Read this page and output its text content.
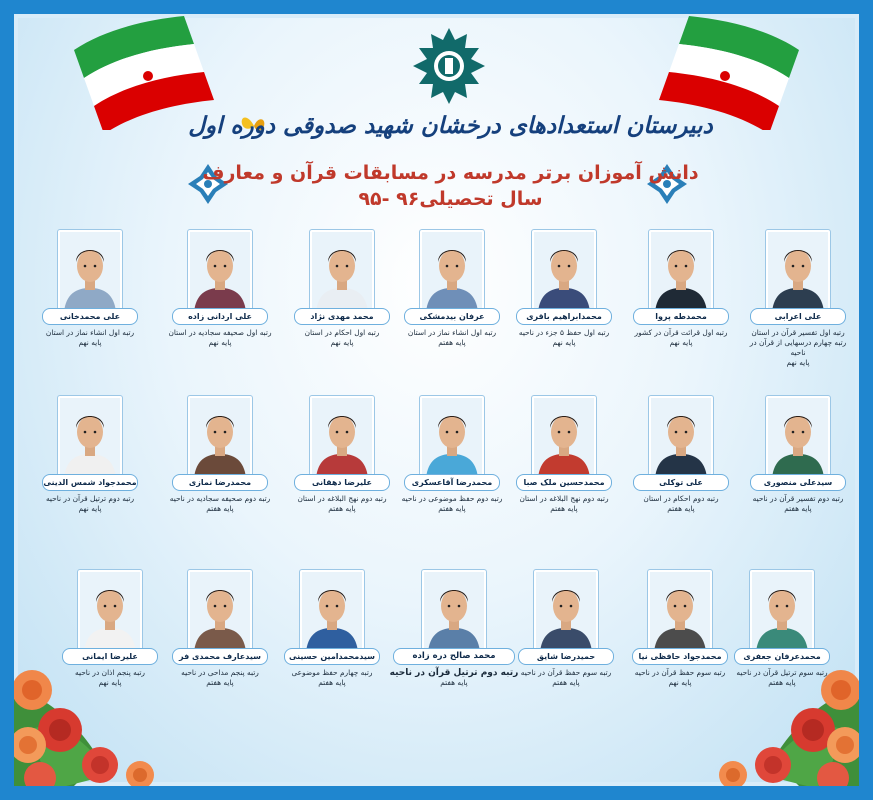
دبیرستان استعدادهای درخشان شهید صدوقی دوره اول
دانش آموزان برتر مدرسه در مسابقات قرآن و معارف
سال تحصیلی۹۶ -۹۵
علی اعرابی
رتبه اول تفسیر قرآن در استان
رتبه چهارم درسهایی از قرآن در ناحیه
پایه نهم
محمدطه پروا
رتبه اول قرائت قرآن در کشور
پایه نهم
محمدابراهیم باقری
رتبه اول حفظ ۵ جزء در ناحیه
پایه نهم
عرفان بیدمشکی
رتبه اول انشاء نماز در استان
پایه هفتم
محمد مهدی نژاد
رتبه اول احکام در استان
پایه نهم
علی اردانی زاده
رتبه اول صحیفه سجادیه در استان
پایه نهم
علی محمدخانی
رتبه اول انشاء نماز در استان
پایه نهم
سیدعلی منصوری
رتبه دوم تفسیر قرآن در ناحیه
پایه هفتم
علی توکلی
رتبه دوم احکام در استان
پایه هفتم
محمدحسین ملک صبا
رتبه دوم نهج البلاغه در استان
پایه هفتم
محمدرضا آقاعسکری
رتبه دوم حفظ موضوعی در ناحیه
پایه هفتم
علیرضا دهقانی
رتبه دوم نهج البلاغه در استان
پایه هفتم
محمدرضا نمازی
رتبه دوم صحیفه سجادیه در ناحیه
پایه هفتم
محمدجواد شمس الدینی
رتبه دوم ترتیل قرآن در ناحیه
پایه نهم
محمدعرفان جعفری
رتبه سوم ترتیل قرآن در ناحیه
پایه هفتم
محمدجواد حافظی نیا
رتبه سوم حفظ قرآن در ناحیه
پایه نهم
حمیدرضا شایق
رتبه سوم حفظ قرآن در ناحیه
پایه هفتم
محمد صالح دره زاده
رتبه دوم ترتیل قرآن در ناحیه
پایه هفتم
سیدمحمدامین حسینی
رتبه چهارم حفظ موضوعی
پایه هفتم
سیدعارف محمدی فر
رتبه پنجم مداحی در ناحیه
پایه هفتم
علیرضا ایمانی
رتبه پنجم اذان در ناحیه
پایه نهم
